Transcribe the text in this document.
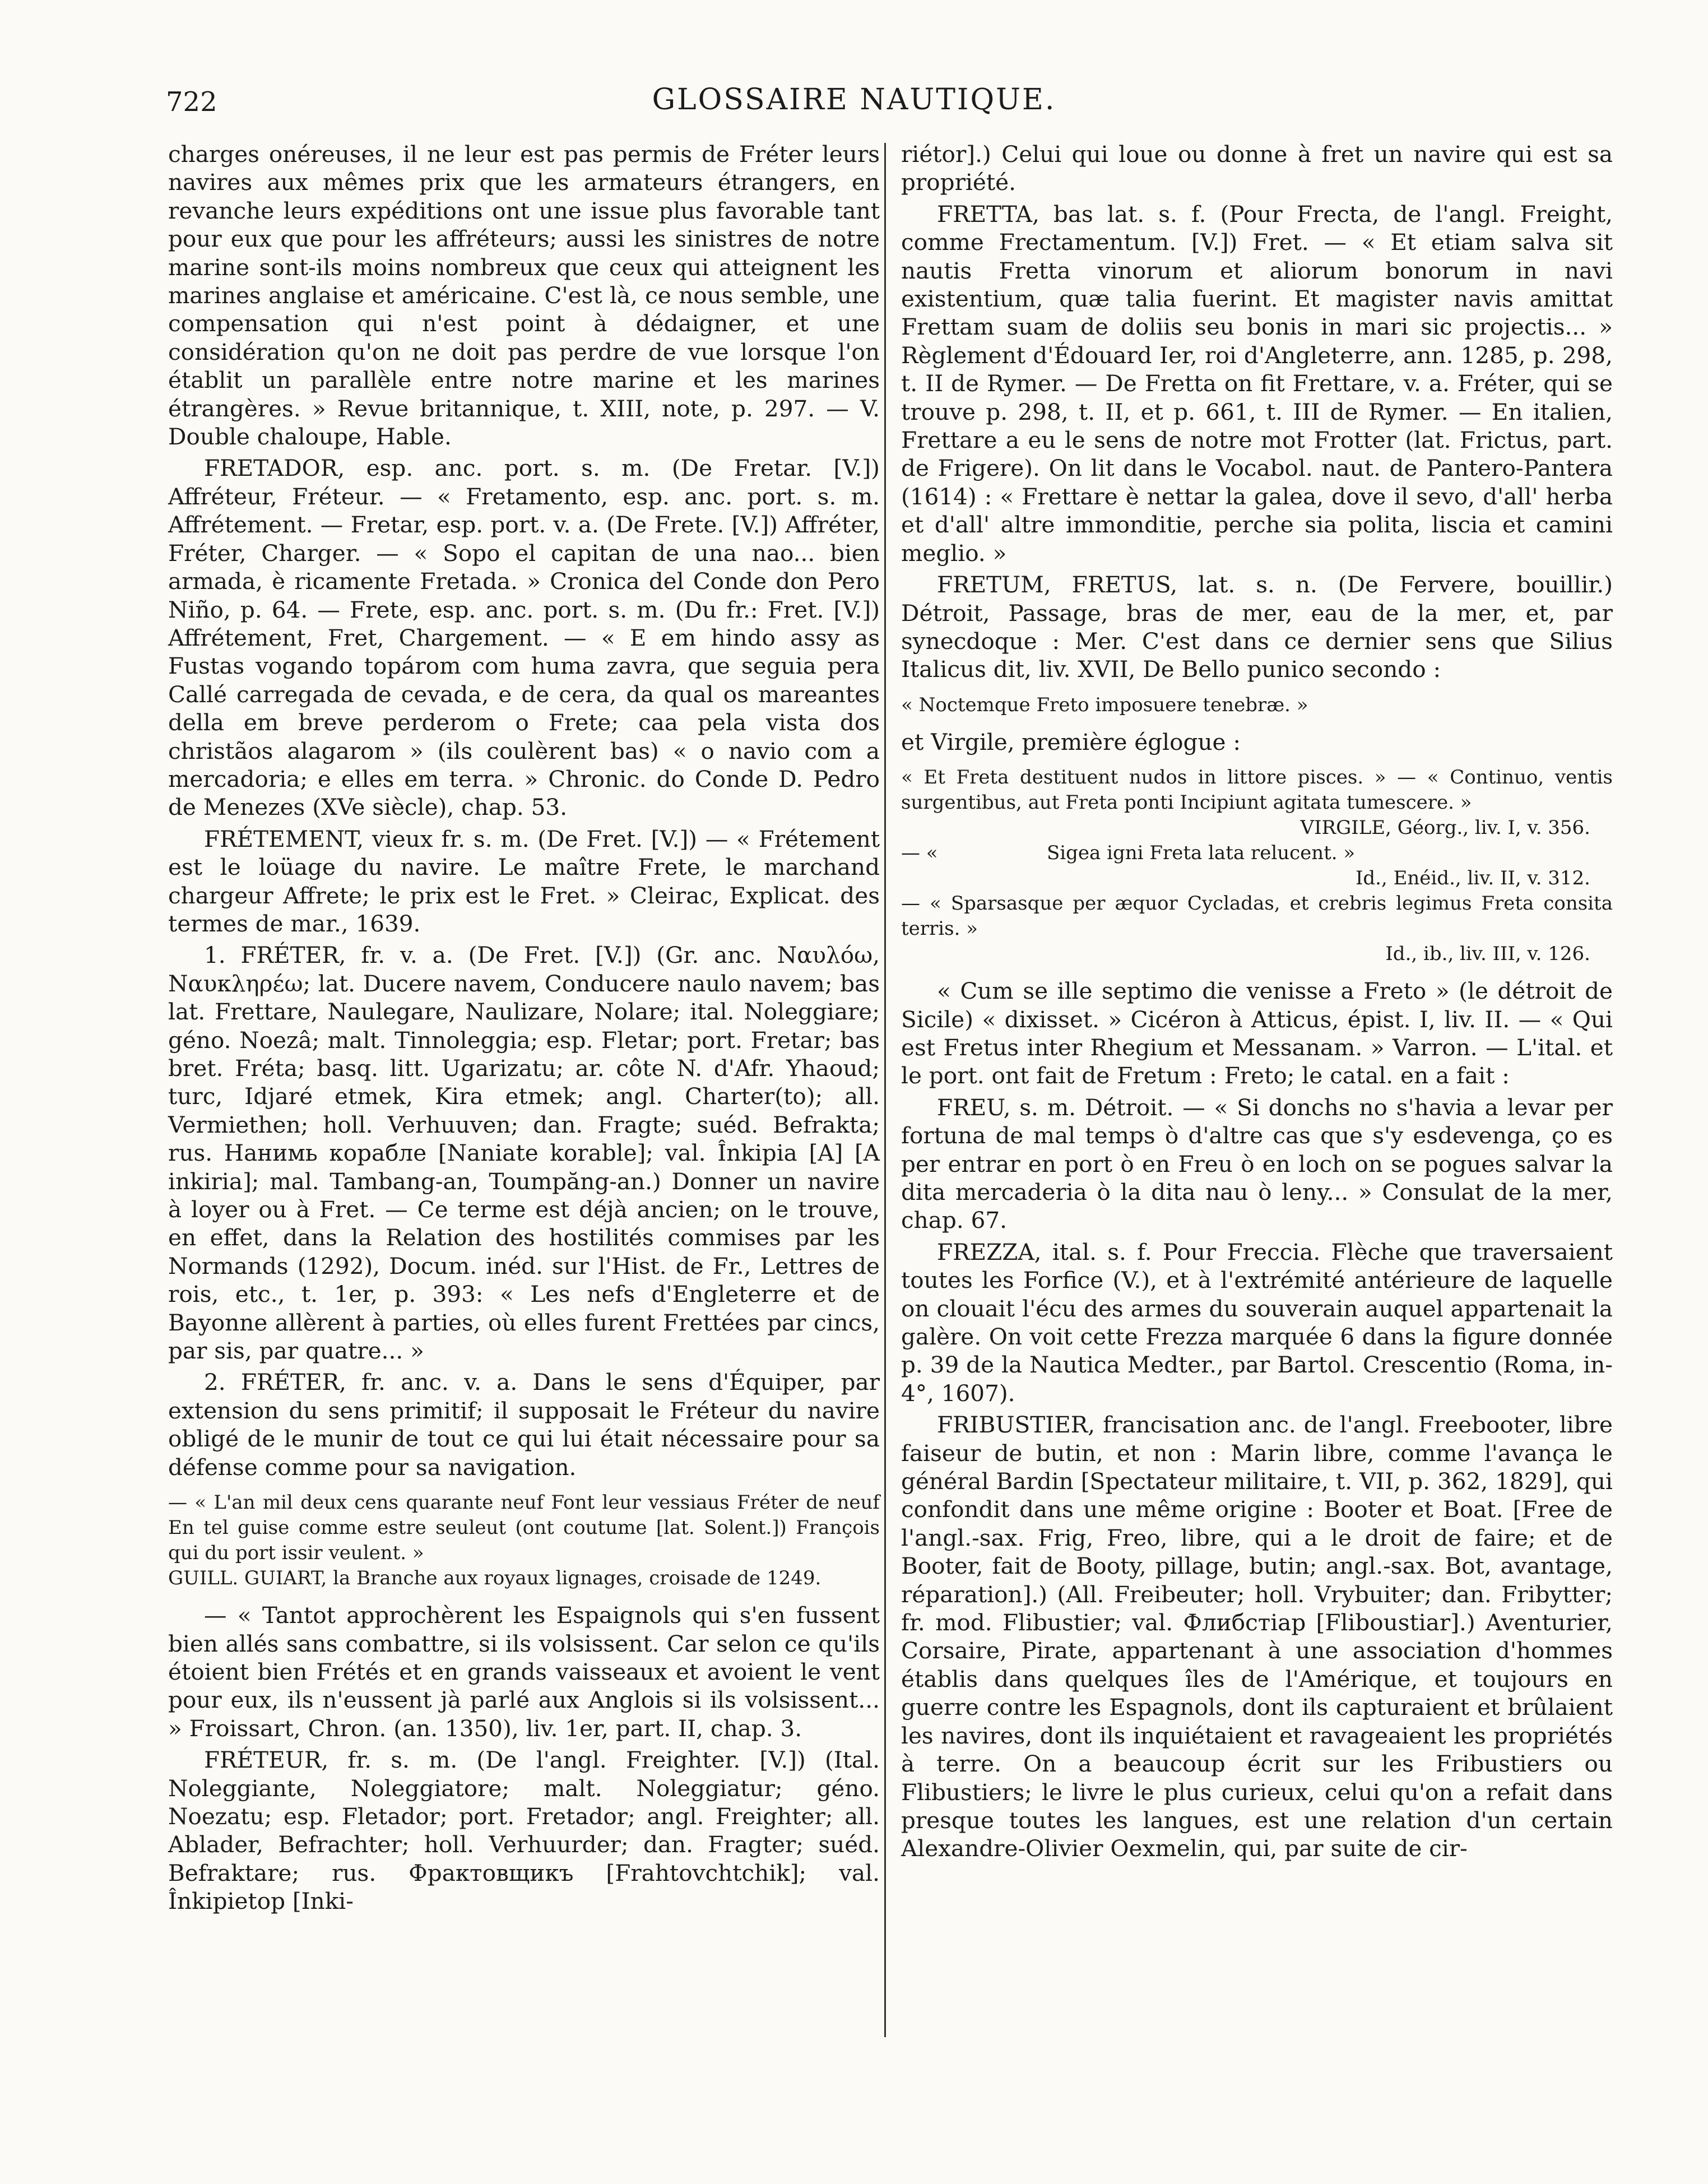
722	GLOSSAIRE NAUTIQUE.

charges onéreuses, il ne leur est pas permis de Fréter leurs navires aux mêmes prix que les armateurs étrangers, en revanche leurs expéditions ont une issue plus favorable tant pour eux que pour les affréteurs; aussi les sinistres de notre marine sont-ils moins nombreux que ceux qui atteignent les marines anglaise et américaine. C'est là, ce nous semble, une compensation qui n'est point à dédaigner, et une considération qu'on ne doit pas perdre de vue lorsque l'on établit un parallèle entre notre marine et les marines étrangères. » Revue britannique, t. XIII, note, p. 297. — V. Double chaloupe, Hable.

FRETADOR, esp. anc. port. s. m. (De Fretar. [V.]) Affréteur, Fréteur. — « Fretamento, esp. anc. port. s. m. Affrétement. — Fretar, esp. port. v. a. (De Frete. [V.]) Affréter, Fréter, Charger. — « Sopo el capitan de una nao... bien armada, è ricamente Fretada. » Cronica del Conde don Pero Niño, p. 64. — Frete, esp. anc. port. s. m. (Du fr.: Fret. [V.]) Affrétement, Fret, Chargement. — « E em hindo assy as Fustas vogando topárom com huma zavra, que seguia pera Callé carregada de cevada, e de cera, da qual os mareantes della em breve perderom o Frete; caa pela vista dos christãos alagarom » (ils coulèrent bas) « o navio com a mercadoria; e elles em terra. » Chronic. do Conde D. Pedro de Menezes (XVe siècle), chap. 53.

FRÉTEMENT, vieux fr. s. m. (De Fret. [V.]) — « Frétement est le loüage du navire. Le maître Frete, le marchand chargeur Affrete; le prix est le Fret. » Cleirac, Explicat. des termes de mar., 1639.

1. FRÉTER, fr. v. a. (De Fret. [V.]) (Gr. anc. Ναυλόω, Ναυκληρέω; lat. Ducere navem, Conducere naulo navem; bas lat. Frettare, Naulegare, Naulizare, Nolare; ital. Noleggiare; géno. Noezâ; malt. Tinnoleggia; esp. Fletar; port. Fretar; bas bret. Fréta; basq. litt. Ugarizatu; ar. côte N. d'Afr. Yhaoud; turc, Idjaré etmek, Kira etmek; angl. Charter(to); all. Vermiethen; holl. Verhuuven; dan. Fragte; suéd. Befrakta; rus. Нанимь корабле [Naniate korable]; val. Înkipia [A] [A inkiria]; mal. Tambang-an, Toumpăng-an.) Donner un navire à loyer ou à Fret. — Ce terme est déjà ancien; on le trouve, en effet, dans la Relation des hostilités commises par les Normands (1292), Docum. inéd. sur l'Hist. de Fr., Lettres de rois, etc., t. 1er, p. 393: « Les nefs d'Engleterre et de Bayonne allèrent à parties, où elles furent Frettées par cincs, par sis, par quatre... »

2. FRÉTER, fr. anc. v. a. Dans le sens d'Équiper, par extension du sens primitif; il supposait le Fréteur du navire obligé de le munir de tout ce qui lui était nécessaire pour sa défense comme pour sa navigation.

— « L'an mil deux cens quarante neuf Font leur vessiaus Fréter de neuf En tel guise comme estre seuleut (ont coutume [lat. Solent.]) François qui du port issir veulent. »
GUILL. GUIART, la Branche aux royaux lignages, croisade de 1249.

— « Tantot approchèrent les Espaignols qui s'en fussent bien allés sans combattre, si ils volsissent. Car selon ce qu'ils étoient bien Frétés et en grands vaisseaux et avoient le vent pour eux, ils n'eussent jà parlé aux Anglois si ils volsissent... » Froissart, Chron. (an. 1350), liv. 1er, part. II, chap. 3.

FRÉTEUR, fr. s. m. (De l'angl. Freighter. [V.]) (Ital. Noleggiante, Noleggiatore; malt. Noleggiatur; géno. Noezatu; esp. Fletador; port. Fretador; angl. Freighter; all. Ablader, Befrachter; holl. Verhuurder; dan. Fragter; suéd. Befraktare; rus. Фрактовщикъ [Frahtovchtchik]; val. Înkipietop [Inki-

riétor].) Celui qui loue ou donne à fret un navire qui est sa propriété.

FRETTA, bas lat. s. f. (Pour Frecta, de l'angl. Freight, comme Frectamentum. [V.]) Fret. — « Et etiam salva sit nautis Fretta vinorum et aliorum bonorum in navi existentium, quæ talia fuerint. Et magister navis amittat Frettam suam de doliis seu bonis in mari sic projectis... » Règlement d'Édouard Ier, roi d'Angleterre, ann. 1285, p. 298, t. II de Rymer. — De Fretta on fit Frettare, v. a. Fréter, qui se trouve p. 298, t. II, et p. 661, t. III de Rymer. — En italien, Frettare a eu le sens de notre mot Frotter (lat. Frictus, part. de Frigere). On lit dans le Vocabol. naut. de Pantero-Pantera (1614) : « Frettare è nettar la galea, dove il sevo, d'all' herba et d'all' altre immonditie, perche sia polita, liscia et camini meglio. »

FRETUM, FRETUS, lat. s. n. (De Fervere, bouillir.) Détroit, Passage, bras de mer, eau de la mer, et, par synecdoque : Mer. C'est dans ce dernier sens que Silius Italicus dit, liv. XVII, De Bello punico secondo :

« Noctemque Freto imposuere tenebræ. »

et Virgile, première églogue :

« Et Freta destituent nudos in littore pisces. » — « Continuo, ventis surgentibus, aut Freta ponti Incipiunt agitata tumescere. »
VIRGILE, Géorg., liv. I, v. 356.
— «	Sigea igni Freta lata relucent. »
Id., Enéid., liv. II, v. 312.
— « Sparsasque per æquor Cycladas, et crebris legimus Freta consita terris. »
Id., ib., liv. III, v. 126.

« Cum se ille septimo die venisse a Freto » (le détroit de Sicile) « dixisset. » Cicéron à Atticus, épist. I, liv. II. — « Qui est Fretus inter Rhegium et Messanam. » Varron. — L'ital. et le port. ont fait de Fretum : Freto; le catal. en a fait :

FREU, s. m. Détroit. — « Si donchs no s'havia a levar per fortuna de mal temps ò d'altre cas que s'y esdevenga, ço es per entrar en port ò en Freu ò en loch on se pogues salvar la dita mercaderia ò la dita nau ò leny... » Consulat de la mer, chap. 67.

FREZZA, ital. s. f. Pour Freccia. Flèche que traversaient toutes les Forfice (V.), et à l'extrémité antérieure de laquelle on clouait l'écu des armes du souverain auquel appartenait la galère. On voit cette Frezza marquée 6 dans la figure donnée p. 39 de la Nautica Medter., par Bartol. Crescentio (Roma, in-4°, 1607).

FRIBUSTIER, francisation anc. de l'angl. Freebooter, libre faiseur de butin, et non : Marin libre, comme l'avança le général Bardin [Spectateur militaire, t. VII, p. 362, 1829], qui confondit dans une même origine : Booter et Boat. [Free de l'angl.-sax. Frig, Freo, libre, qui a le droit de faire; et de Booter, fait de Booty, pillage, butin; angl.-sax. Bot, avantage, réparation].) (All. Freibeuter; holl. Vrybuiter; dan. Fribytter; fr. mod. Flibustier; val. Флибстiар [Fliboustiar].) Aventurier, Corsaire, Pirate, appartenant à une association d'hommes établis dans quelques îles de l'Amérique, et toujours en guerre contre les Espagnols, dont ils capturaient et brûlaient les navires, dont ils inquiétaient et ravageaient les propriétés à terre. On a beaucoup écrit sur les Fribustiers ou Flibustiers; le livre le plus curieux, celui qu'on a refait dans presque toutes les langues, est une relation d'un certain Alexandre-Olivier Oexmelin, qui, par suite de cir-
